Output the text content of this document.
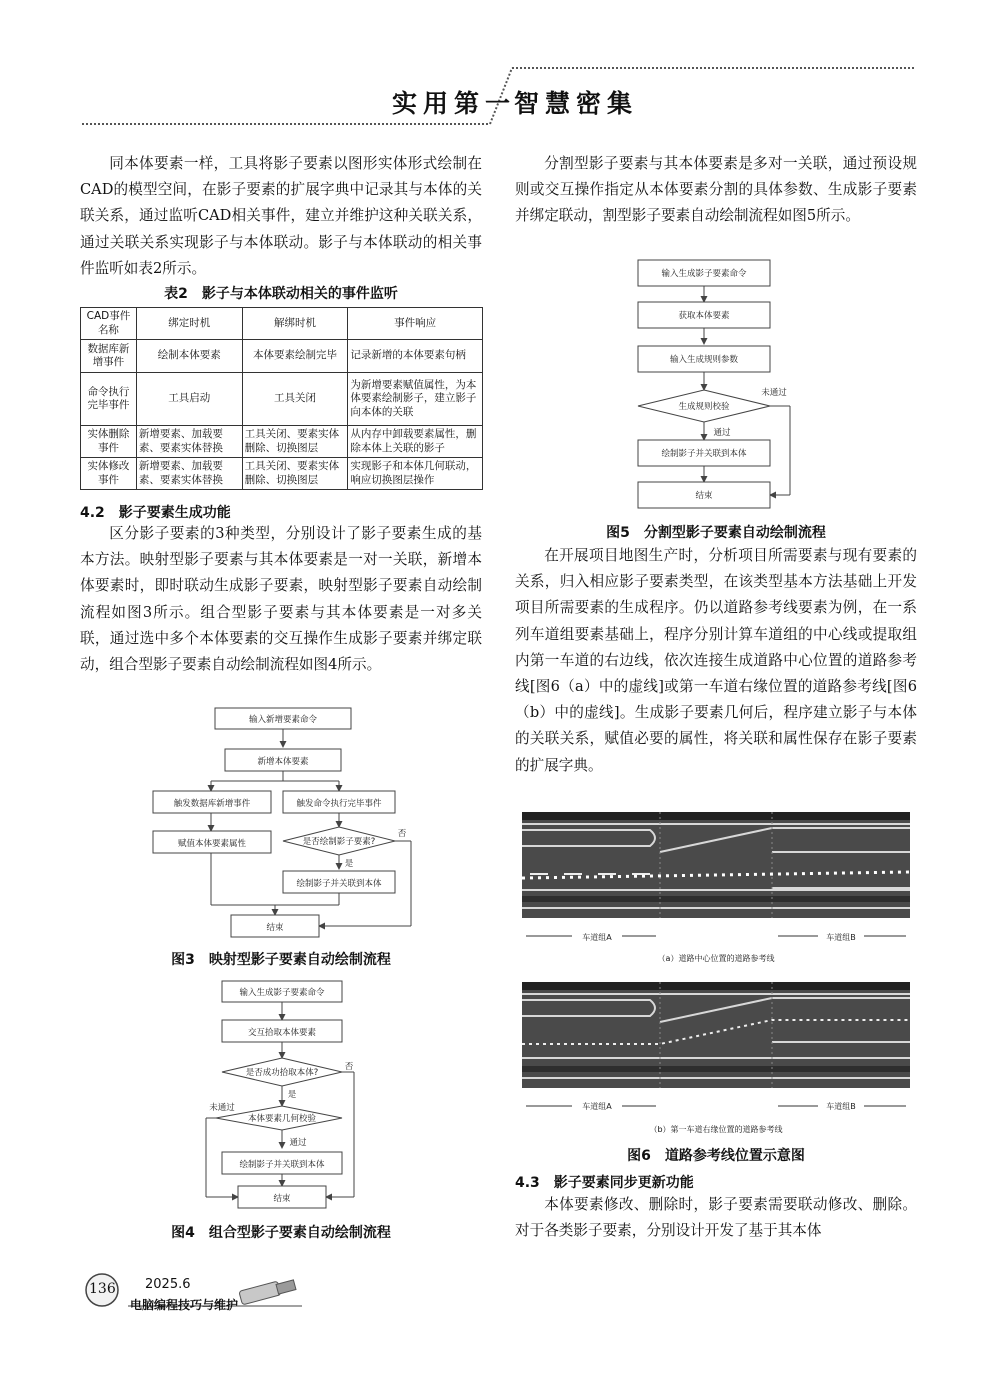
实用第一
智慧密集

同本体要素一样，工具将影子要素以图形实体形式绘制在CAD的模型空间，在影子要素的扩展字典中记录其与本体的关联关系，通过监听CAD相关事件，建立并维护这种关联关系，通过关联关系实现影子与本体联动。影子与本体联动的相关事件监听如表2所示。

表2　影子与本体联动相关的事件监听
CAD事件名称	绑定时机	解绑时机	事件响应
数据库新增事件	绘制本体要素	本体要素绘制完毕	记录新增的本体要素句柄
命令执行完毕事件	工具启动	工具关闭	为新增要素赋值属性，为本体要素绘制影子，建立影子向本体的关联
实体删除事件	新增要素、加载要素、要素实体替换	工具关闭、要素实体删除、切换图层	从内存中卸载要素属性，删除本体上关联的影子
实体修改事件	新增要素、加载要素、要素实体替换	工具关闭、要素实体删除、切换图层	实现影子和本体几何联动，响应切换图层操作
4.2　影子要素生成功能

区分影子要素的3种类型，分别设计了影子要素生成的基本方法。映射型影子要素与其本体要素是一对一关联，新增本体要素时，即时联动生成影子要素，映射型影子要素自动绘制流程如图3所示。组合型影子要素与其本体要素是一对多关联，通过选中多个本体要素的交互操作生成影子要素并绑定联动，组合型影子要素自动绘制流程如图4所示。

输入新增要素命令
新增本体要素
触发数据库新增事件	触发命令执行完毕事件
赋值本体要素属性	是否绘制影子要素?
绘制影子并关联到本体
结束
是
否
图3　映射型影子要素自动绘制流程
输入生成影子要素命令
交互拾取本体要素
是否成功拾取本体?
本体要素几何校验
绘制影子并关联到本体
结束
是
否
未通过
通过
图4　组合型影子要素自动绘制流程

分割型影子要素与其本体要素是多对一关联，通过预设规则或交互操作指定从本体要素分割的具体参数、生成影子要素并绑定联动，割型影子要素自动绘制流程如图5所示。

输入生成影子要素命令
获取本体要素
输入生成规则参数
生成规则校验
绘制影子并关联到本体
结束
未通过
通过
图5　分割型影子要素自动绘制流程

在开展项目地图生产时，分析项目所需要素与现有要素的关系，归入相应影子要素类型，在该类型基本方法基础上开发项目所需要素的生成程序。仍以道路参考线要素为例，在一系列车道组要素基础上，程序分别计算车道组的中心线或提取组内第一车道的右边线，依次连接生成道路中心位置的道路参考线[图6（a）中的虚线]或第一车道右缘位置的道路参考线[图6（b）中的虚线]。生成影子要素几何后，程序建立影子与本体的关联关系，赋值必要的属性，将关联和属性保存在影子要素的扩展字典。

车道组A	车道组B
（a）道路中心位置的道路参考线
车道组A	车道组B
（b）第一车道右缘位置的道路参考线
图6　道路参考线位置示意图
4.3　影子要素同步更新功能

本体要素修改、删除时，影子要素需要联动修改、删除。对于各类影子要素，分别设计开发了基于其本体

136 2025.6
电脑编程技巧与维护
